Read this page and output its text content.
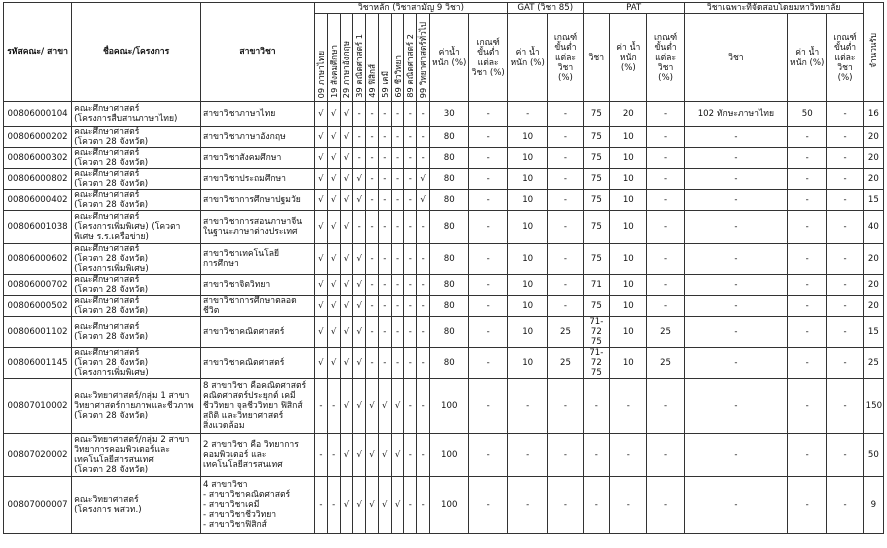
รหัสคณะ/ สาขา	ชื่อคณะ/โครงการ	สาขาวิชา	วิชาหลัก (วิชาสามัญ 9 วิชา)											GAT (วิชา 85)		PAT			วิชาเฉพาะที่จัดสอบโดยมหาวิทยาลัย			จำนวนรับ
			09 ภาษาไทย	19 สังคมศึกษา	29 ภาษาอังกฤษ	39 คณิตศาสตร์ 1	49 ฟิสิกส์	59 เคมี	69 ชีววิทยา	89 คณิตศาสตร์ 2	99 วิทยาศาสตร์ทั่วไป	ค่าน้ำหนัก (%)	เกณฑ์ ขั้นต่ำ แต่ละ วิชา (%)	ค่า น้ำหนัก (%)	เกณฑ์ ขั้นต่ำ แต่ละ วิชา (%)	วิชา	ค่า น้ำหนัก (%)	เกณฑ์ ขั้นต่ำ แต่ละ วิชา (%)	วิชา	ค่า น้ำหนัก (%)	เกณฑ์ ขั้นต่ำ แต่ละ วิชา (%)	

00806000104	คณะศึกษาศาสตร์
(โครงการสืบสานภาษาไทย)	สาขาวิชาภาษาไทย	√	√	√	-	-	-	-	-	-	30	-	-	-	75	20	-	102 ทักษะภาษาไทย	50	-	16

00806000202	คณะศึกษาศาสตร์
(โควตา 28 จังหวัด)	สาขาวิชาภาษาอังกฤษ	√	√	√	-	-	-	-	-	-	80	-	10	-	75	10	-	-	-	-	20

00806000302	คณะศึกษาศาสตร์
(โควตา 28 จังหวัด)	สาขาวิชาสังคมศึกษา	√	√	√	-	-	-	-	-	-	80	-	10	-	75	10	-	-	-	-	20

00806000802	คณะศึกษาศาสตร์
(โควตา 28 จังหวัด)	สาขาวิชาประถมศึกษา	√	√	√	√	-	-	-	-	√	80	-	10	-	75	10	-	-	-	-	20

00806000402	คณะศึกษาศาสตร์
(โควตา 28 จังหวัด)	สาขาวิชาการศึกษาปฐมวัย	√	√	√	√	-	-	-	-	√	80	-	10	-	75	10	-	-	-	-	15

00806001038	คณะศึกษาศาสตร์
(โครงการเพิ่มพิเศษ) (โควตา
พิเศษ ร.ร.เครือข่าย)	สาขาวิชาการสอนภาษาจีน
ในฐานะภาษาต่างประเทศ	√	√	√	-	-	-	-	-	-	80	-	10	-	75	10	-	-	-	-	40

00806000602	คณะศึกษาศาสตร์
(โควตา 28 จังหวัด)
(โครงการเพิ่มพิเศษ)	สาขาวิชาเทคโนโลยี
การศึกษา	√	√	√	√	-	-	-	-	-	80	-	10	-	75	10	-	-	-	-	20

00806000702	คณะศึกษาศาสตร์
(โควตา 28 จังหวัด)	สาขาวิชาจิตวิทยา	√	√	√	√	-	-	-	-	-	80	-	10	-	71	10	-	-	-	-	20

00806000502	คณะศึกษาศาสตร์
(โควตา 28 จังหวัด)	สาขาวิชาการศึกษาตลอด
ชีวิต	√	√	√	√	-	-	-	-	-	80	-	10	-	75	10	-	-	-	-	20

00806001102	คณะศึกษาศาสตร์
(โควตา 28 จังหวัด)	สาขาวิชาคณิตศาสตร์	√	√	√	√	-	-	-	-	-	80	-	10	25	71-72
75	10	25	-	-	-	15

00806001145	คณะศึกษาศาสตร์
(โควตา 28 จังหวัด)
(โครงการเพิ่มพิเศษ)	สาขาวิชาคณิตศาสตร์	√	√	√	√	-	-	-	-	-	80	-	10	25	71-72
75	10	25	-	-	-	25

00807010002	คณะวิทยาศาสตร์/กลุ่ม 1 สาขา
วิทยาศาสตร์กายภาพและชีวภาพ
(โควตา 28 จังหวัด)	8 สาขาวิชา คือคณิตศาสตร์
คณิตศาสตร์ประยุกต์ เคมี
ชีววิทยา จุลชีววิทยา ฟิสิกส์
สถิติ และวิทยาศาสตร์
สิ่งแวดล้อม	-	-	√	√	√	√	√	-	-	100	-	-	-	-	-	-	-	-	-	150

00807020002	คณะวิทยาศาสตร์/กลุ่ม 2 สาขา
วิทยาการคอมพิวเตอร์และ
เทคโนโลยีสารสนเทศ
(โควตา 28 จังหวัด)	2 สาขาวิชา คือ วิทยาการ
คอมพิวเตอร์ และ
เทคโนโลยีสารสนเทศ	-	-	√	√	√	√	√	-	-	100	-	-	-	-	-	-	-	-	-	50

00807000007	คณะวิทยาศาสตร์
(โครงการ พสวท.)	4 สาขาวิชา
- สาขาวิชาคณิตศาสตร์
- สาขาวิชาเคมี
- สาขาวิชาชีววิทยา
- สาขาวิชาฟิสิกส์	-	-	√	√	√	√	√	-	-	100	-	-	-	-	-	-	-	-	-	9
